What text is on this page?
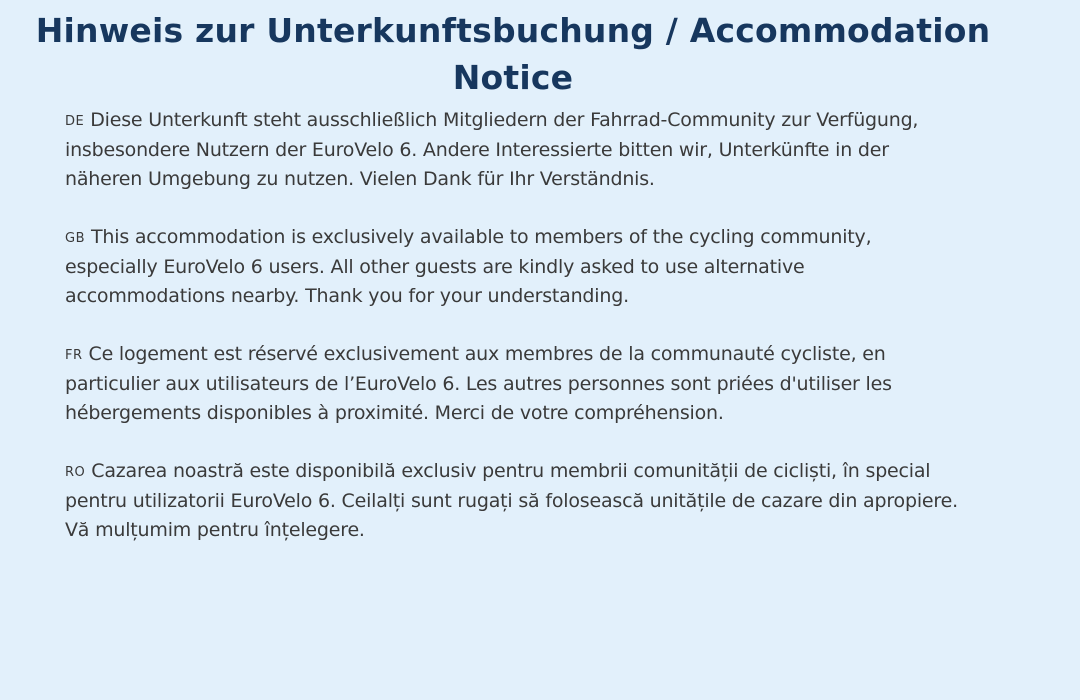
Hinweis zur Unterkunftsbuchung / Accommodation Notice

DE Diese Unterkunft steht ausschließlich Mitgliedern der Fahrrad-Community zur Verfügung, insbesondere Nutzern der EuroVelo 6. Andere Interessierte bitten wir, Unterkünfte in der näheren Umgebung zu nutzen. Vielen Dank für Ihr Verständnis.

GB This accommodation is exclusively available to members of the cycling community, especially EuroVelo 6 users. All other guests are kindly asked to use alternative accommodations nearby. Thank you for your understanding.

FR Ce logement est réservé exclusivement aux membres de la communauté cycliste, en particulier aux utilisateurs de l’EuroVelo 6. Les autres personnes sont priées d'utiliser les hébergements disponibles à proximité. Merci de votre compréhension.

RO Cazarea noastră este disponibilă exclusiv pentru membrii comunității de cicliști, în special pentru utilizatorii EuroVelo 6. Ceilalți sunt rugați să folosească unitățile de cazare din apropiere. Vă mulțumim pentru înțelegere.
